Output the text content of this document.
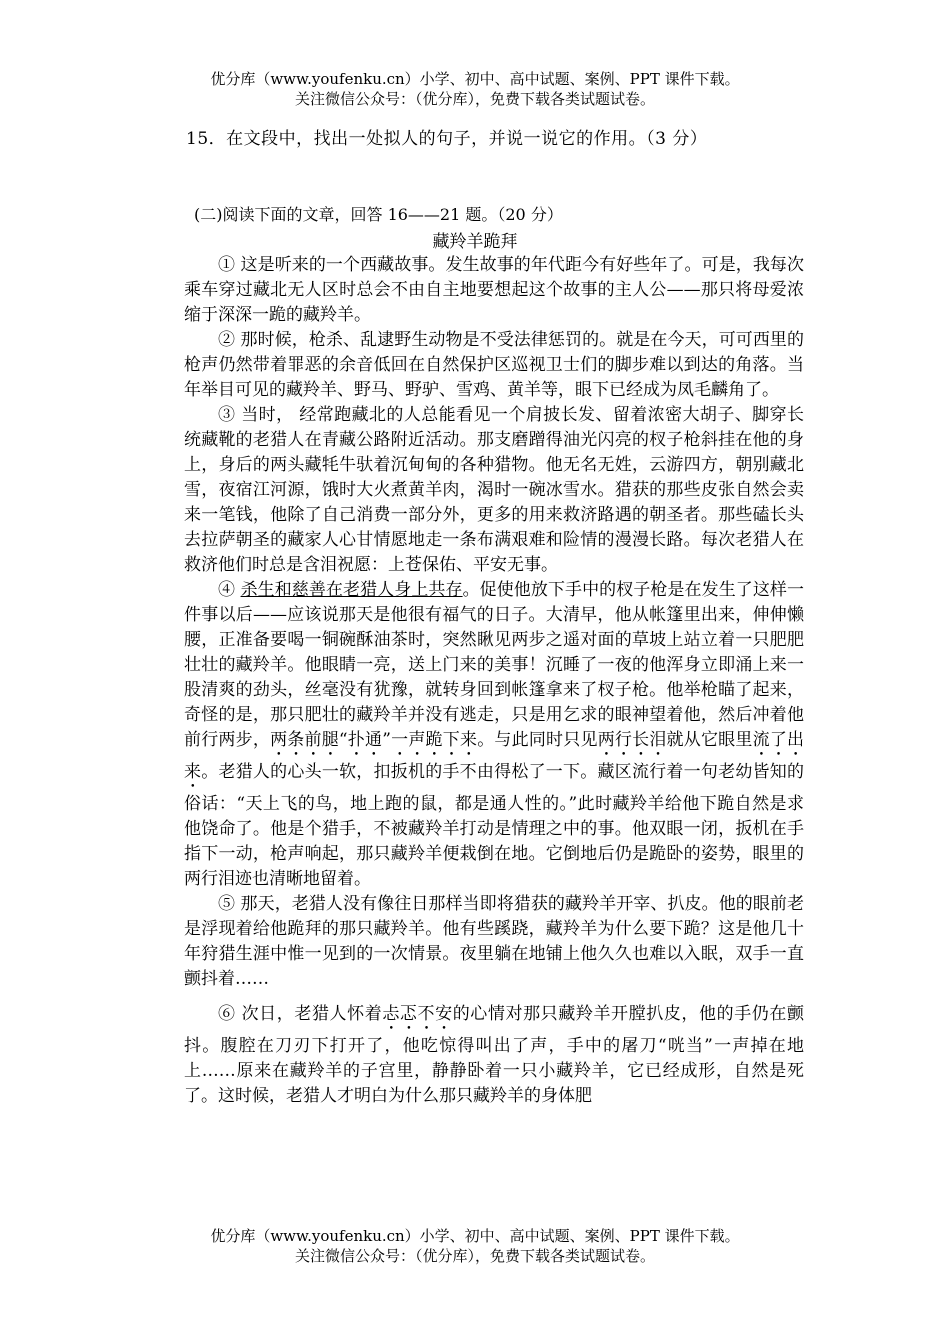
优分库（www.youfenku.cn）小学、初中、高中试题、案例、PPT 课件下载。
关注微信公众号：（优分库），免费下载各类试题试卷。
15．在文段中，找出一处拟人的句子，并说一说它的作用。（3 分）
(二)阅读下面的文章，回答 16——21 题。（20 分）
藏羚羊跪拜

① 这是听来的一个西藏故事。发生故事的年代距今有好些年了。可是，我每次乘车穿过藏北无人区时总会不由自主地要想起这个故事的主人公——那只将母爱浓缩于深深一跪的藏羚羊。

② 那时候，枪杀、乱逮野生动物是不受法律惩罚的。就是在今天，可可西里的枪声仍然带着罪恶的余音低回在自然保护区巡视卫士们的脚步难以到达的角落。当年举目可见的藏羚羊、野马、野驴、雪鸡、黄羊等，眼下已经成为凤毛麟角了。

③ 当时， 经常跑藏北的人总能看见一个肩披长发、留着浓密大胡子、脚穿长统藏靴的老猎人在青藏公路附近活动。那支磨蹭得油光闪亮的杈子枪斜挂在他的身上，身后的两头藏牦牛驮着沉甸甸的各种猎物。他无名无姓，云游四方，朝别藏北雪，夜宿江河源，饿时大火煮黄羊肉，渴时一碗冰雪水。猎获的那些皮张自然会卖来一笔钱，他除了自己消费一部分外，更多的用来救济路遇的朝圣者。那些磕长头去拉萨朝圣的藏家人心甘情愿地走一条布满艰难和险情的漫漫长路。每次老猎人在救济他们时总是含泪祝愿：上苍保佑、平安无事。

④ 杀生和慈善在老猎人身上共存。促使他放下手中的杈子枪是在发生了这样一件事以后——应该说那天是他很有福气的日子。大清早，他从帐篷里出来，伸伸懒腰，正准备要喝一铜碗酥油茶时，突然瞅见两步之遥对面的草坡上站立着一只肥肥壮壮的藏羚羊。他眼睛一亮，送上门来的美事！沉睡了一夜的他浑身立即涌上来一股清爽的劲头，丝毫没有犹豫，就转身回到帐篷拿来了杈子枪。他举枪瞄了起来，奇怪的是，那只肥壮的藏羚羊并没有逃走，只是用乞求的眼神望着他，然后冲着他前行两步，两条前腿“扑通”一声跪下来。与此同时只见两行长泪就从它眼里流了出来。老猎人的心头一软，扣扳机的手不由得松了一下。藏区流行着一句老幼皆知的俗话：“天上飞的鸟，地上跑的鼠，都是通人性的。”此时藏羚羊给他下跪自然是求他饶命了。他是个猎手，不被藏羚羊打动是情理之中的事。他双眼一闭，扳机在手指下一动，枪声响起，那只藏羚羊便栽倒在地。它倒地后仍是跪卧的姿势，眼里的两行泪迹也清晰地留着。

⑤ 那天，老猎人没有像往日那样当即将猎获的藏羚羊开宰、扒皮。他的眼前老是浮现着给他跪拜的那只藏羚羊。他有些蹊跷，藏羚羊为什么要下跪？这是他几十年狩猎生涯中惟一见到的一次情景。夜里躺在地铺上他久久也难以入眠，双手一直颤抖着……

⑥ 次日，老猎人怀着忐忑不安的心情对那只藏羚羊开膛扒皮，他的手仍在颤抖。腹腔在刀刃下打开了，他吃惊得叫出了声，手中的屠刀“咣当”一声掉在地上……原来在藏羚羊的子宫里，静静卧着一只小藏羚羊，它已经成形，自然是死了。这时候，老猎人才明白为什么那只藏羚羊的身体肥

优分库（www.youfenku.cn）小学、初中、高中试题、案例、PPT 课件下载。
关注微信公众号：（优分库），免费下载各类试题试卷。
